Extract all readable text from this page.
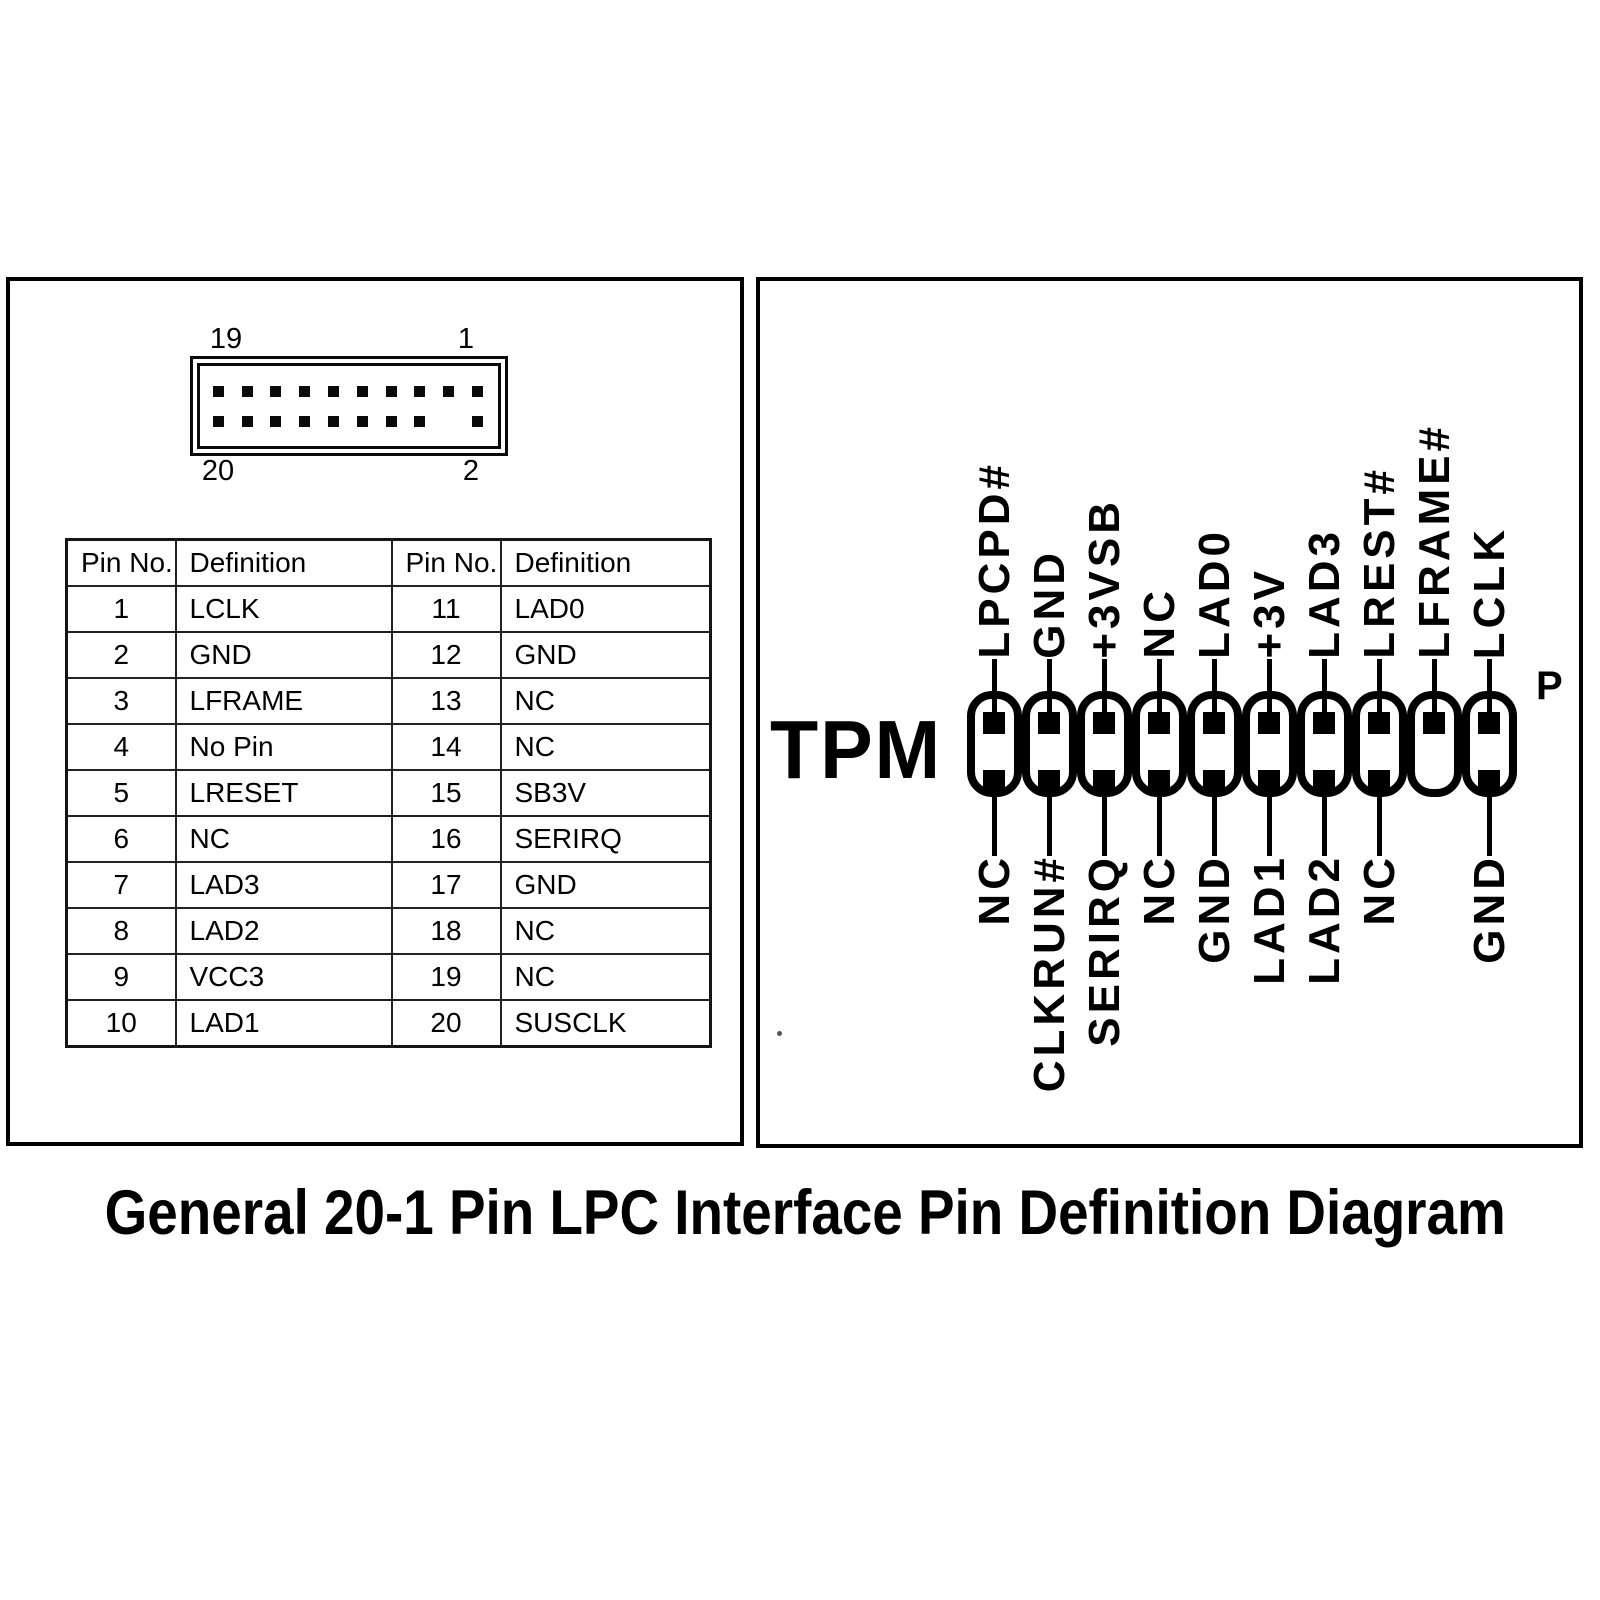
19	1
20	2
Pin No.	Definition	Pin No.	Definition
1	LCLK	11	LAD0
2	GND	12	GND
3	LFRAME	13	NC
4	No Pin	14	NC
5	LRESET	15	SB3V
6	NC	16	SERIRQ
7	LAD3	17	GND
8	LAD2	18	NC
9	VCC3	19	NC
10	LAD1	20	SUSCLK
TPM
P
LPCPD#
NC
GND
CLKRUN#
+3VSB
SERIRQ
NC
NC
LAD0
GND
+3V
LAD1
LAD3
LAD2
LREST#
NC
LFRAME# LCLK
GND
General 20-1 Pin LPC Interface Pin Definition Diagram
